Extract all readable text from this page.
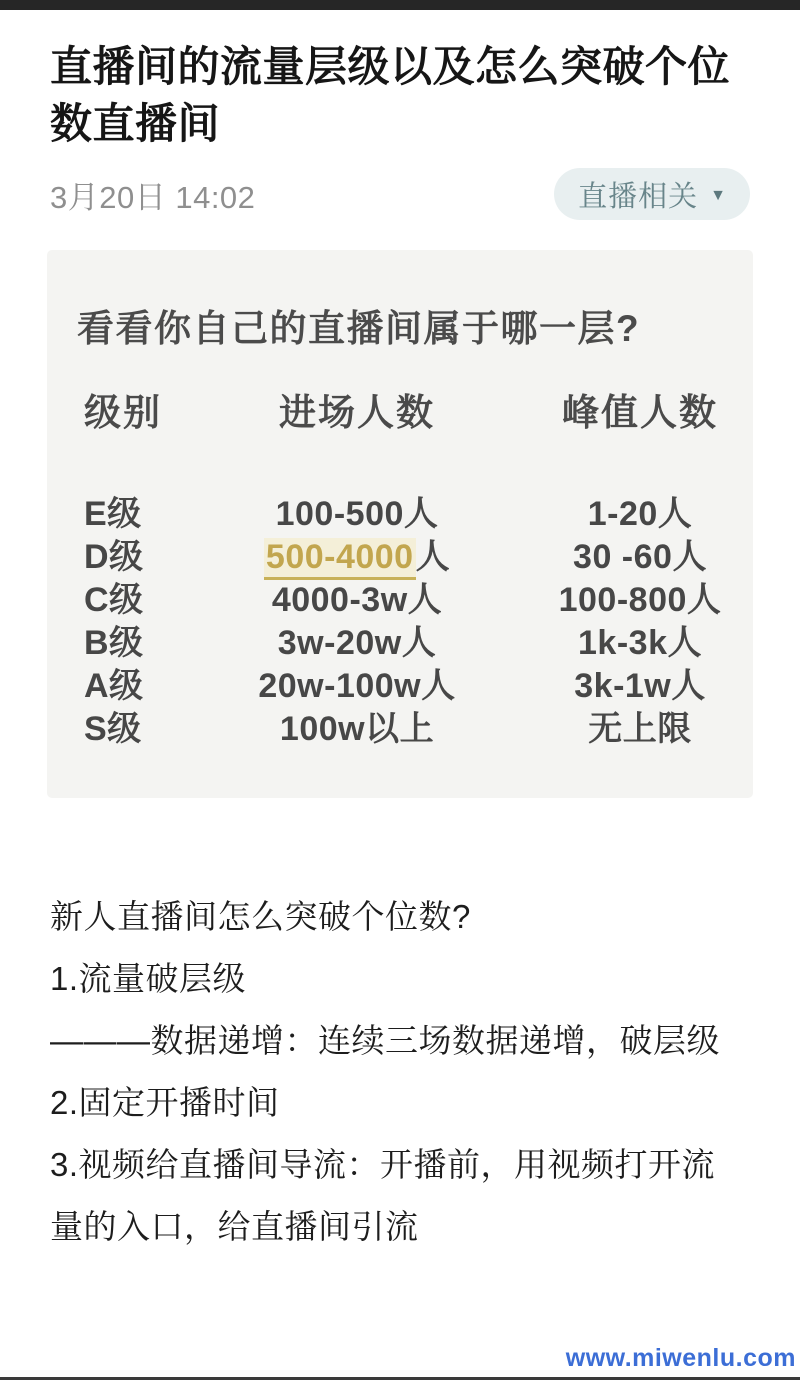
直播间的流量层级以及怎么突破个位数直播间
3月20日 14:02	直播相关 ▼
看看你自己的直播间属于哪一层?
级别	进场人数	峰值人数
E级	100-500人	1-20人
D级	500-4000人	30 -60人
C级	4000-3w人	100-800人
B级	3w-20w人	1k-3k人
A级	20w-100w人	3k-1w人
S级	100w以上	无上限

新人直播间怎么突破个位数?

1.流量破层级

———数据递增：连续三场数据递增，破层级

2.固定开播时间

3.视频给直播间导流：开播前，用视频打开流量的入口，给直播间引流

www.miwenlu.com
